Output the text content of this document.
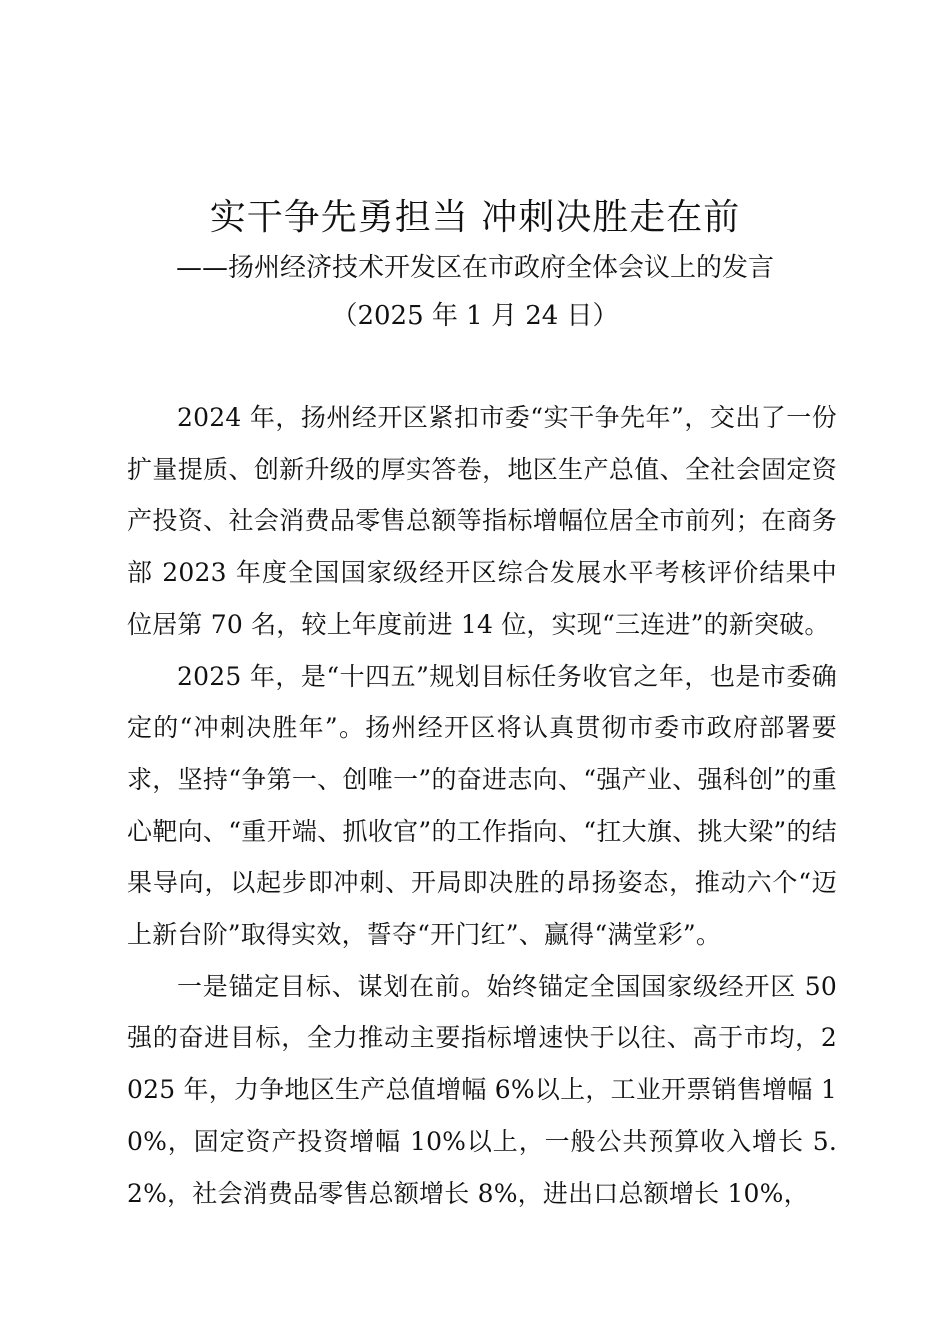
实干争先勇担当 冲刺决胜走在前
——扬州经济技术开发区在市政府全体会议上的发言
（2025 年 1 月 24 日）

2024 年，扬州经开区紧扣市委“实干争先年”，交出了一份扩量提质、创新升级的厚实答卷，地区生产总值、全社会固定资产投资、社会消费品零售总额等指标增幅位居全市前列；在商务部 2023 年度全国国家级经开区综合发展水平考核评价结果中位居第 70 名，较上年度前进 14 位，实现“三连进”的新突破。

2025 年，是“十四五”规划目标任务收官之年，也是市委确定的“冲刺决胜年”。扬州经开区将认真贯彻市委市政府部署要求，坚持“争第一、创唯一”的奋进志向、“强产业、强科创”的重心靶向、“重开端、抓收官”的工作指向、“扛大旗、挑大梁”的结果导向，以起步即冲刺、开局即决胜的昂扬姿态，推动六个“迈上新台阶”取得实效，誓夺“开门红”、赢得“满堂彩”。

一是锚定目标、谋划在前。始终锚定全国国家级经开区 50 强的奋进目标，全力推动主要指标增速快于以往、高于市均，2025 年，力争地区生产总值增幅 6%以上，工业开票销售增幅 10%，固定资产投资增幅 10%以上，一般公共预算收入增长 5.2%，社会消费品零售总额增长 8%，进出口总额增长 10%，
